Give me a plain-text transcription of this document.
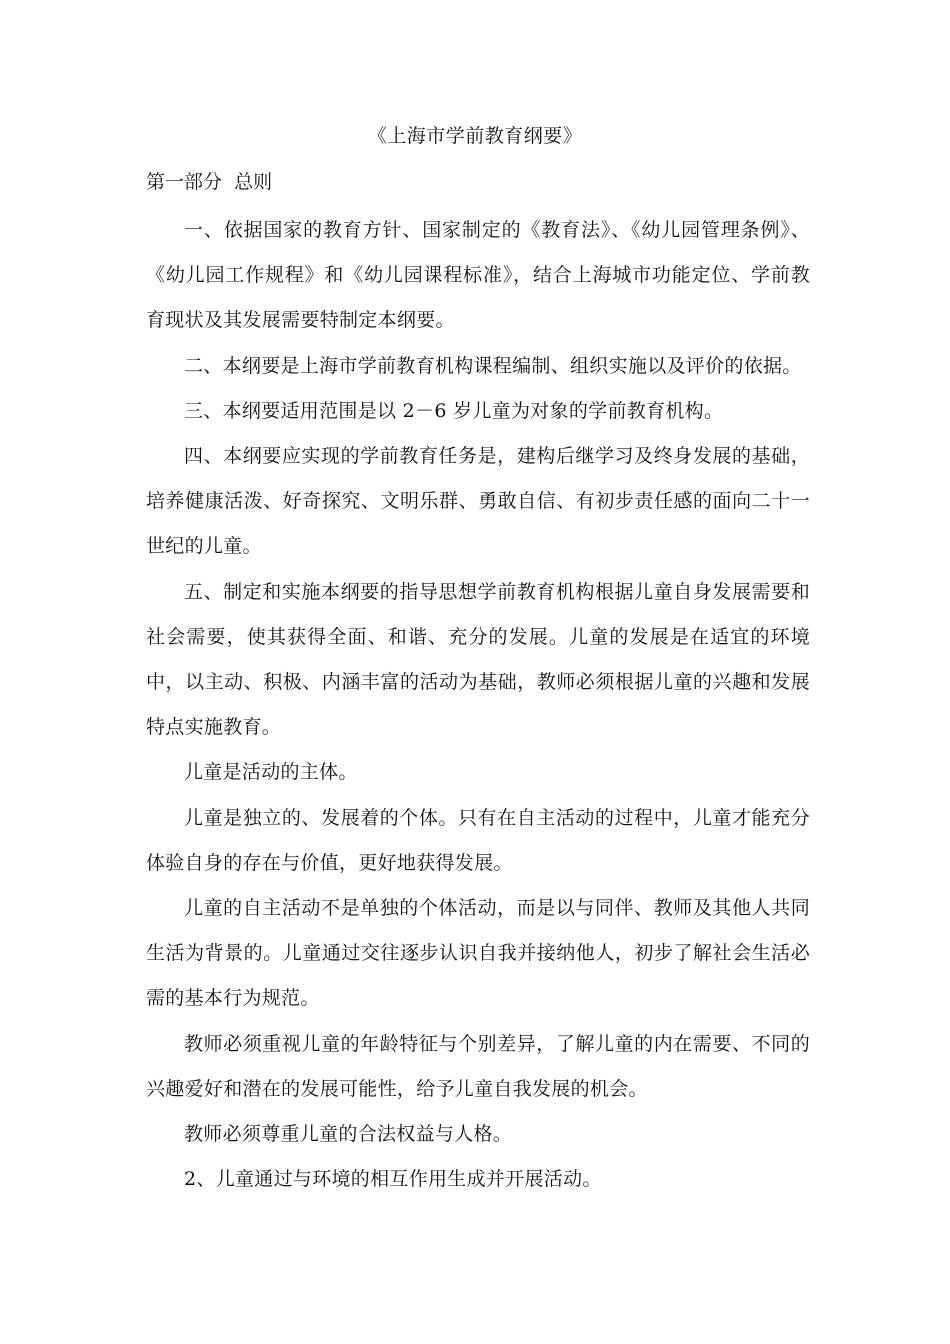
《上海市学前教育纲要》
第一部分  总则

一、依据国家的教育方针、国家制定的《教育法》、《幼儿园管理条例》、《幼儿园工作规程》和《幼儿园课程标准》，结合上海城市功能定位、学前教育现状及其发展需要特制定本纲要。

二、本纲要是上海市学前教育机构课程编制、组织实施以及评价的依据。

三、本纲要适用范围是以 2－6 岁儿童为对象的学前教育机构。

四、本纲要应实现的学前教育任务是，建构后继学习及终身发展的基础，培养健康活泼、好奇探究、文明乐群、勇敢自信、有初步责任感的面向二十一世纪的儿童。

五、制定和实施本纲要的指导思想学前教育机构根据儿童自身发展需要和社会需要，使其获得全面、和谐、充分的发展。儿童的发展是在适宜的环境中，以主动、积极、内涵丰富的活动为基础，教师必须根据儿童的兴趣和发展特点实施教育。

儿童是活动的主体。

儿童是独立的、发展着的个体。只有在自主活动的过程中，儿童才能充分体验自身的存在与价值，更好地获得发展。

儿童的自主活动不是单独的个体活动，而是以与同伴、教师及其他人共同生活为背景的。儿童通过交往逐步认识自我并接纳他人，初步了解社会生活必需的基本行为规范。

教师必须重视儿童的年龄特征与个别差异，了解儿童的内在需要、不同的兴趣爱好和潜在的发展可能性，给予儿童自我发展的机会。

教师必须尊重儿童的合法权益与人格。

2、儿童通过与环境的相互作用生成并开展活动。
